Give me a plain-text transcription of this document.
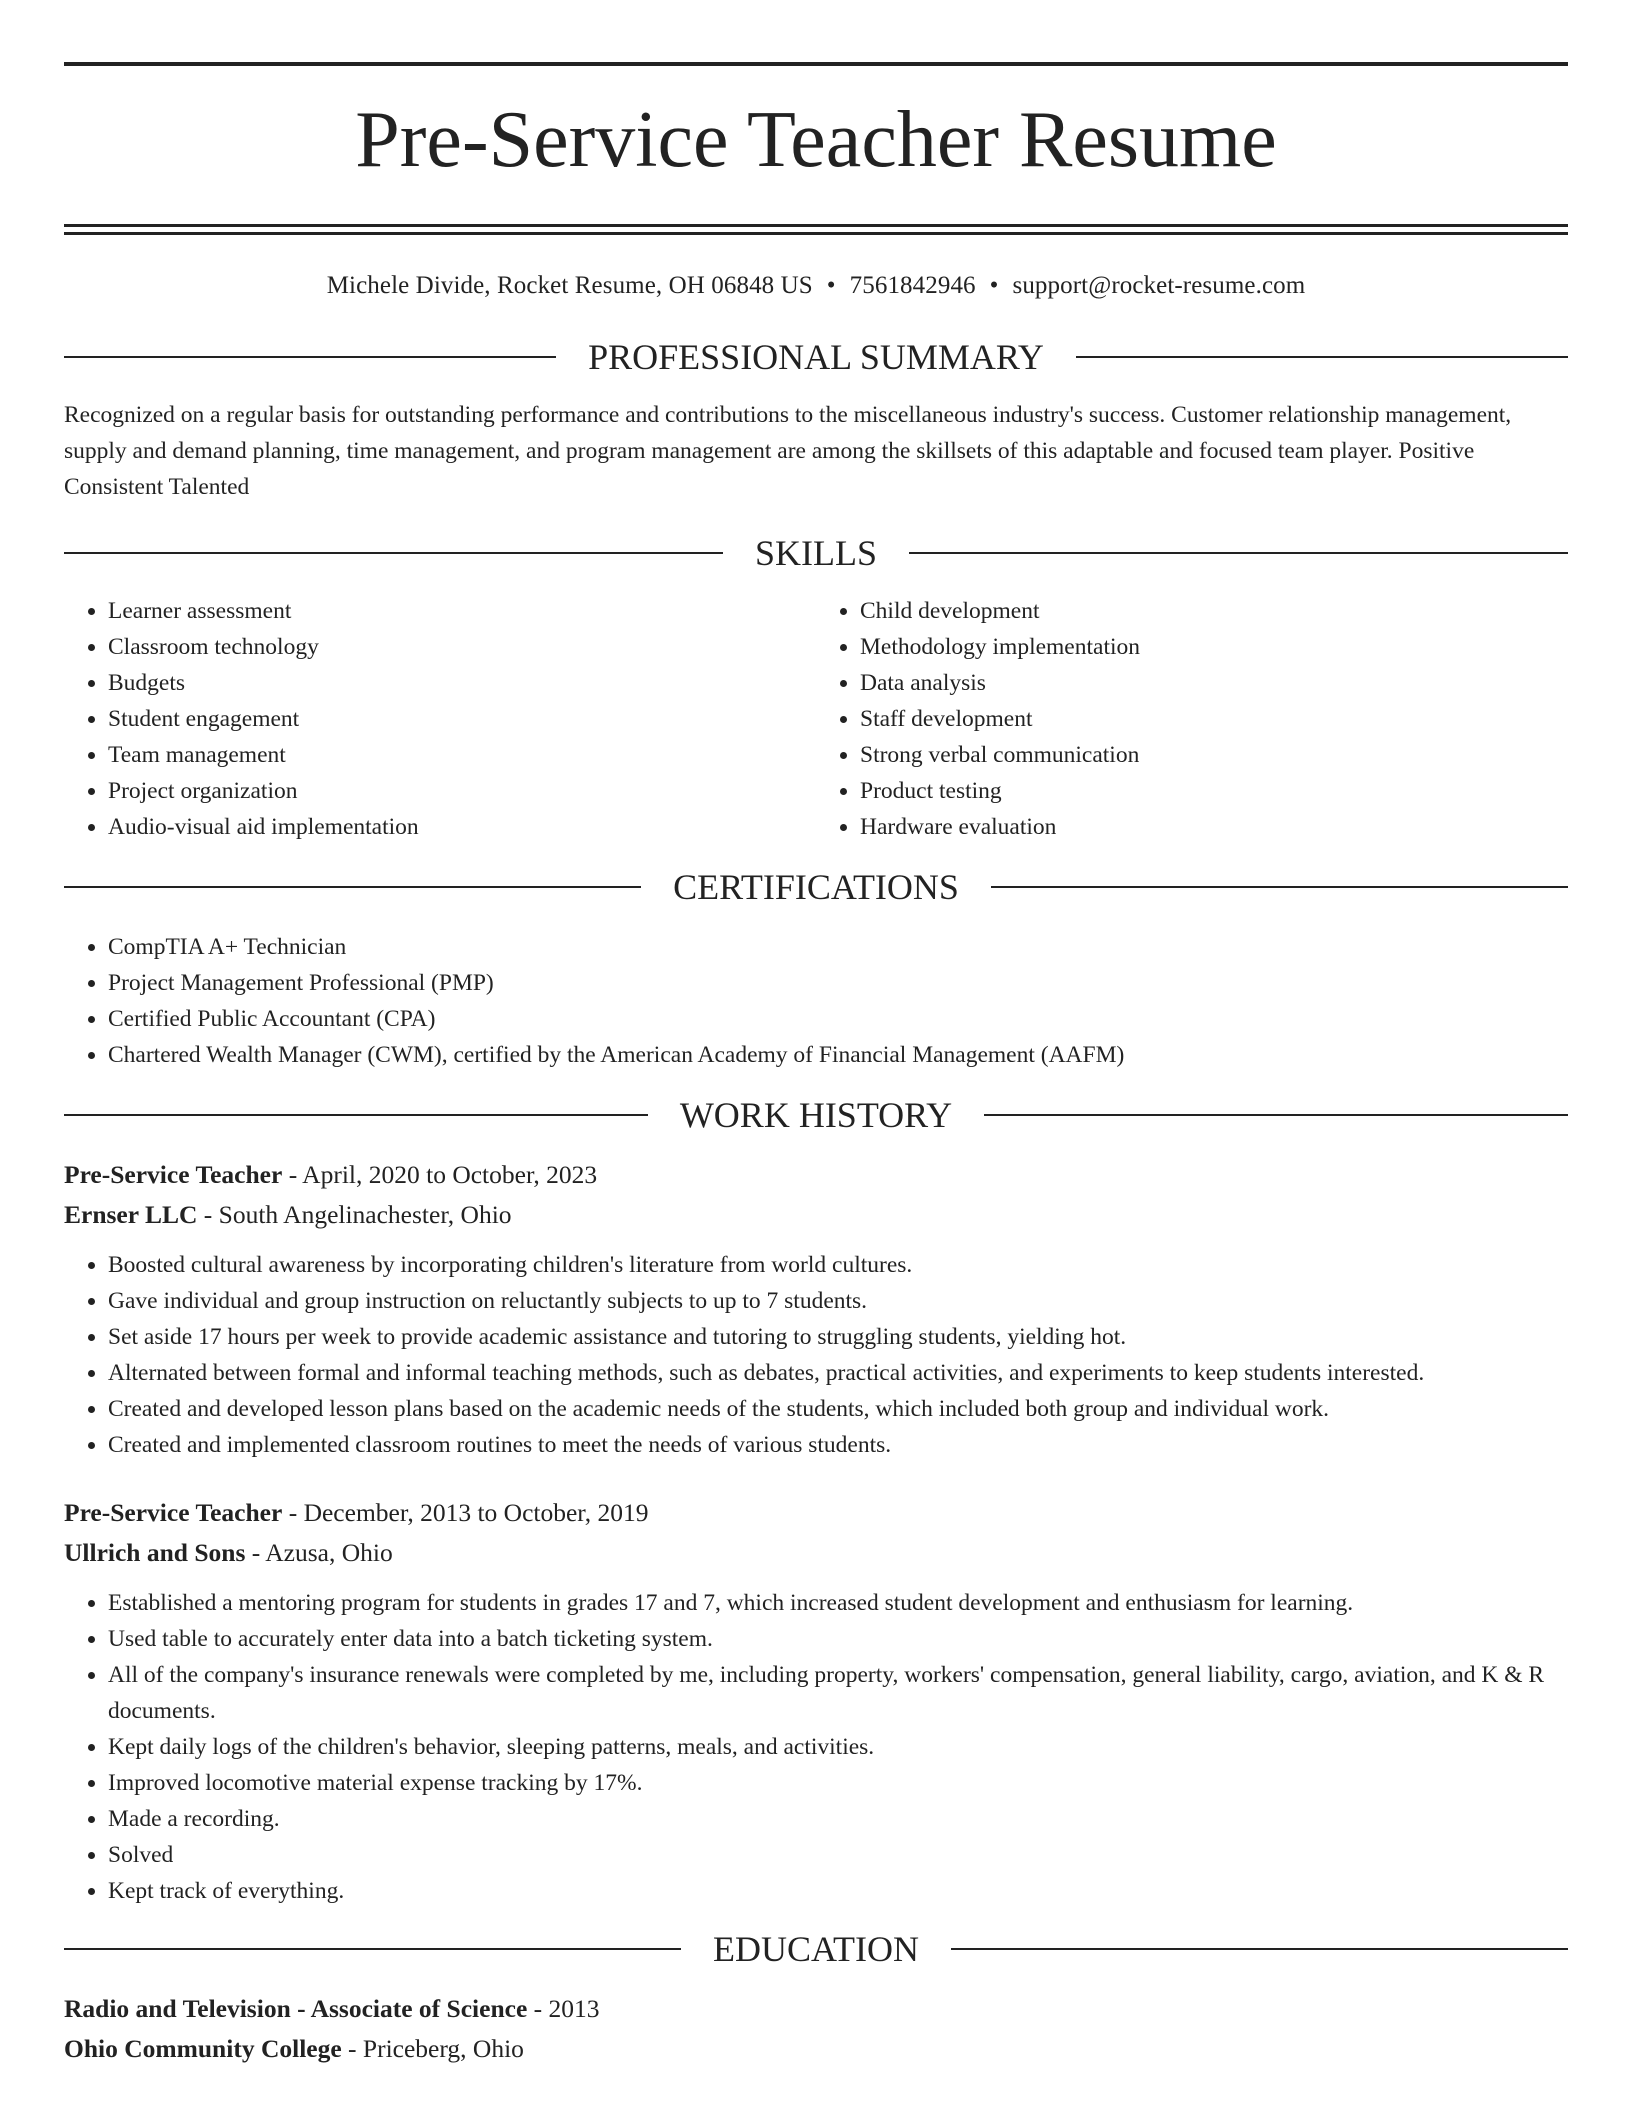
Pre-Service Teacher Resume
Michele Divide, Rocket Resume, OH 06848 US • 7561842946 • support@rocket-resume.com
PROFESSIONAL SUMMARY

Recognized on a regular basis for outstanding performance and contributions to the miscellaneous industry's success. Customer relationship management, supply and demand planning, time management, and program management are among the skillsets of this adaptable and focused team player. Positive Consistent Talented

SKILLS
• Learner assessment
• Classroom technology
• Budgets
• Student engagement
• Team management
• Project organization
• Audio-visual aid implementation
• Child development
• Methodology implementation
• Data analysis
• Staff development
• Strong verbal communication
• Product testing
• Hardware evaluation
CERTIFICATIONS
• CompTIA A+ Technician
• Project Management Professional (PMP)
• Certified Public Accountant (CPA)
• Chartered Wealth Manager (CWM), certified by the American Academy of Financial Management (AAFM)
WORK HISTORY
Pre-Service Teacher - April, 2020 to October, 2023
Ernser LLC - South Angelinachester, Ohio
• Boosted cultural awareness by incorporating children's literature from world cultures.
• Gave individual and group instruction on reluctantly subjects to up to 7 students.
• Set aside 17 hours per week to provide academic assistance and tutoring to struggling students, yielding hot.
• Alternated between formal and informal teaching methods, such as debates, practical activities, and experiments to keep students interested.
• Created and developed lesson plans based on the academic needs of the students, which included both group and individual work.
• Created and implemented classroom routines to meet the needs of various students.
Pre-Service Teacher - December, 2013 to October, 2019
Ullrich and Sons - Azusa, Ohio
• Established a mentoring program for students in grades 17 and 7, which increased student development and enthusiasm for learning.
• Used table to accurately enter data into a batch ticketing system.
• All of the company's insurance renewals were completed by me, including property, workers' compensation, general liability, cargo, aviation, and K & R documents.
• Kept daily logs of the children's behavior, sleeping patterns, meals, and activities.
• Improved locomotive material expense tracking by 17%.
• Made a recording.
• Solved
• Kept track of everything.
EDUCATION
Radio and Television - Associate of Science - 2013
Ohio Community College - Priceberg, Ohio
